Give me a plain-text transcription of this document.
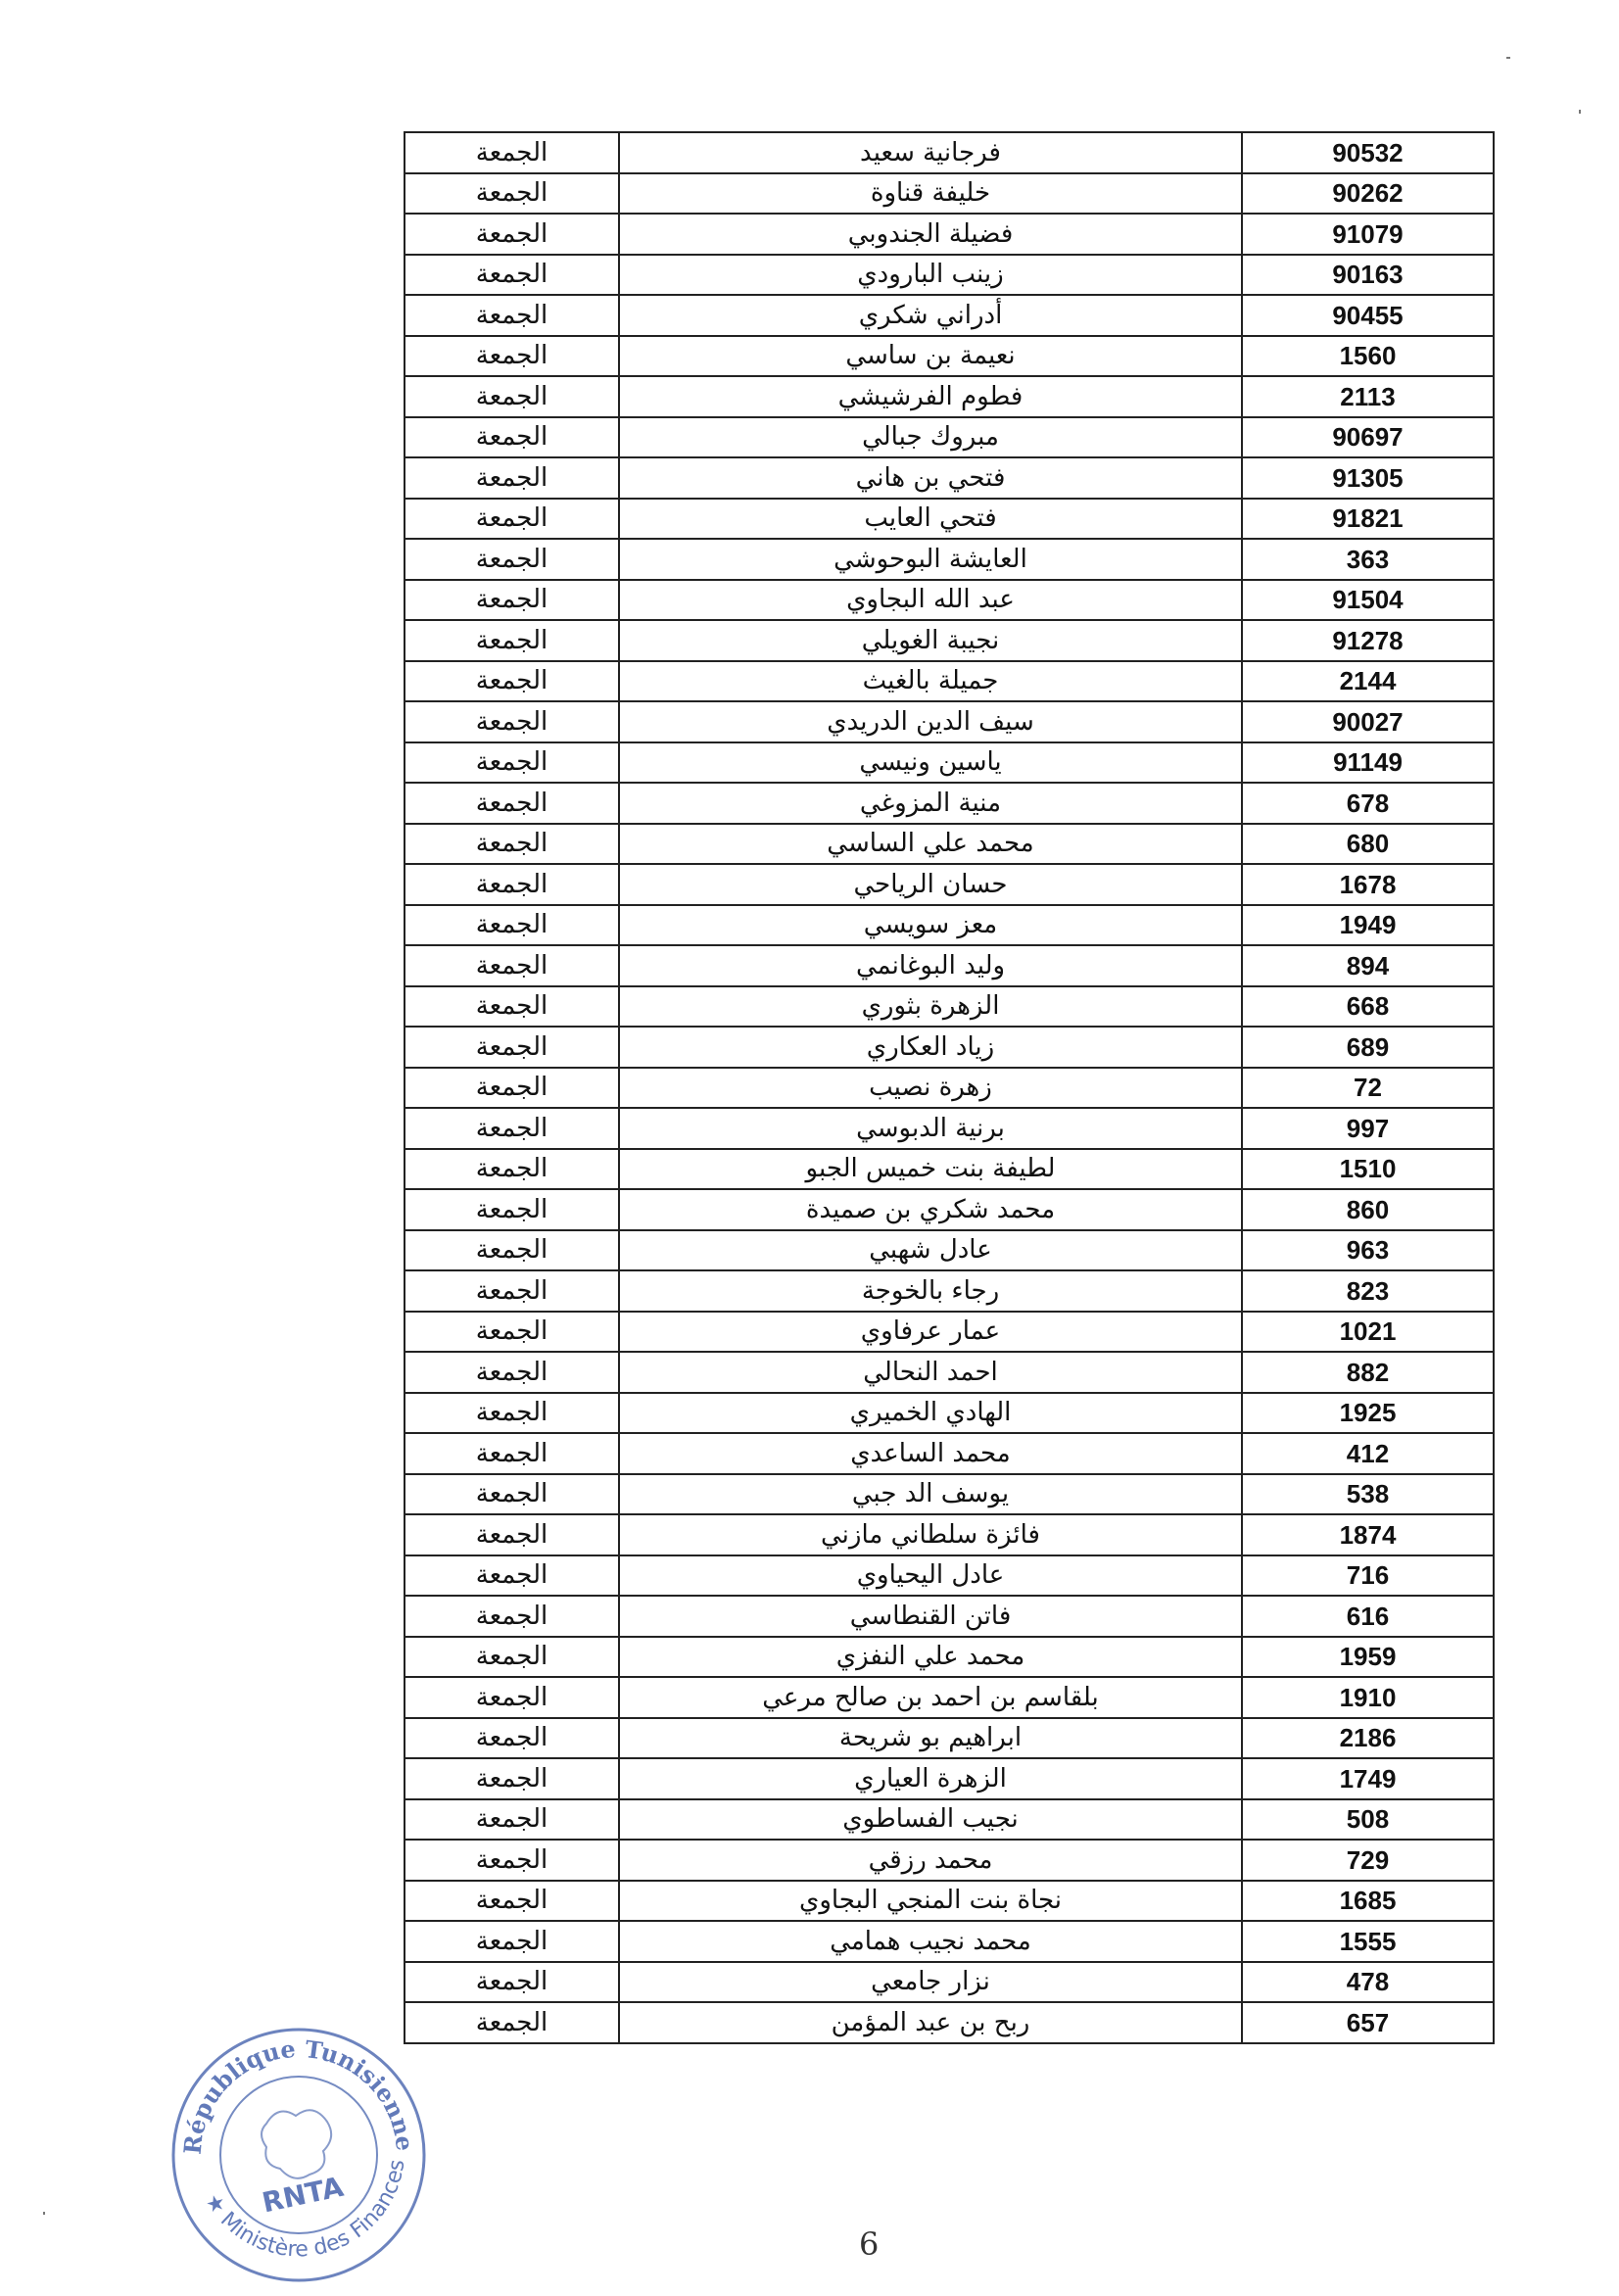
90532	فرجانية سعيد	الجمعة
90262	خليفة قناوة	الجمعة
91079	فضيلة الجندوبي	الجمعة
90163	زينب البارودي	الجمعة
90455	أدراني شكري	الجمعة
1560	نعيمة بن ساسي	الجمعة
2113	فطوم الفرشيشي	الجمعة
90697	مبروك جبالي	الجمعة
91305	فتحي بن هاني	الجمعة
91821	فتحي العايب	الجمعة
363	العايشة البوحوشي	الجمعة
91504	عبد الله البجاوي	الجمعة
91278	نجيبة الغويلي	الجمعة
2144	جميلة بالغيث	الجمعة
90027	سيف الدين الدريدي	الجمعة
91149	ياسين ونيسي	الجمعة
678	منية المزوغي	الجمعة
680	محمد علي الساسي	الجمعة
1678	حسان الرياحي	الجمعة
1949	معز سويسي	الجمعة
894	وليد البوغانمي	الجمعة
668	الزهرة بثوري	الجمعة
689	زياد العكاري	الجمعة
72	زهرة نصيب	الجمعة
997	برنية الدبوسي	الجمعة
1510	لطيفة بنت خميس الجبو	الجمعة
860	محمد شكري بن صميدة	الجمعة
963	عادل شهبي	الجمعة
823	رجاء بالخوجة	الجمعة
1021	عمار عرفاوي	الجمعة
882	احمد النحالي	الجمعة
1925	الهادي الخميري	الجمعة
412	محمد الساعدي	الجمعة
538	يوسف الد جبي	الجمعة
1874	فائزة سلطاني مازني	الجمعة
716	عادل اليحياوي	الجمعة
616	فاتن القنطاسي	الجمعة
1959	محمد علي النفزي	الجمعة
1910	بلقاسم بن احمد بن صالح مرعي	الجمعة
2186	ابراهيم بو شريحة	الجمعة
1749	الزهرة العياري	الجمعة
508	نجيب الفساطوي	الجمعة
729	محمد رزقي	الجمعة
1685	نجاة بنت المنجي البجاوي	الجمعة
1555	محمد نجيب همامي	الجمعة
478	نزار جامعي	الجمعة
657	ربح بن عبد المؤمن	الجمعة
République Tunisienne
★ Ministère des Finances
RNTA
6
